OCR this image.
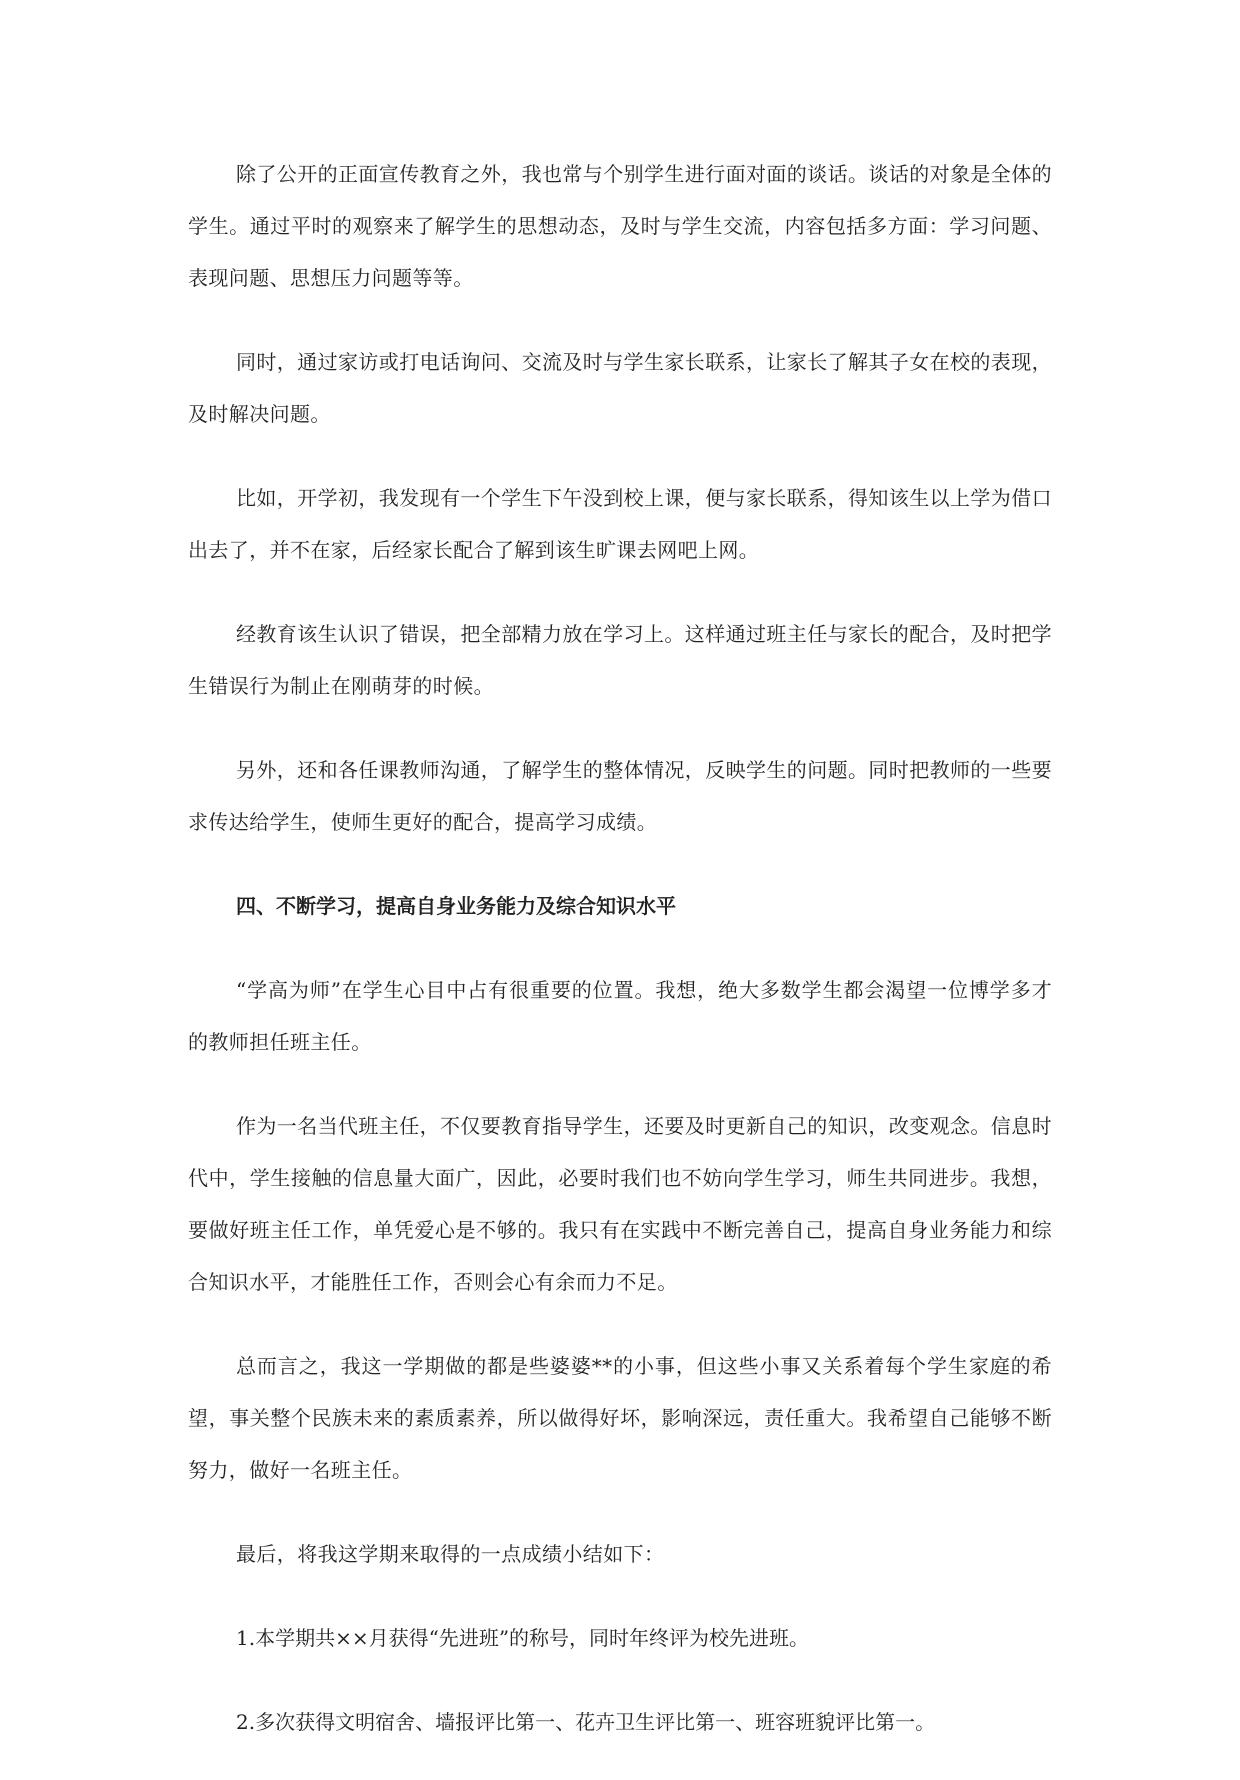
除了公开的正面宣传教育之外，我也常与个别学生进行面对面的谈话。谈话的对象是全体的学生。通过平时的观察来了解学生的思想动态，及时与学生交流，内容包括多方面：学习问题、表现问题、思想压力问题等等。

同时，通过家访或打电话询问、交流及时与学生家长联系，让家长了解其子女在校的表现，及时解决问题。

比如，开学初，我发现有一个学生下午没到校上课，便与家长联系，得知该生以上学为借口出去了，并不在家，后经家长配合了解到该生旷课去网吧上网。

经教育该生认识了错误，把全部精力放在学习上。这样通过班主任与家长的配合，及时把学生错误行为制止在刚萌芽的时候。

另外，还和各任课教师沟通，了解学生的整体情况，反映学生的问题。同时把教师的一些要求传达给学生，使师生更好的配合，提高学习成绩。

四、不断学习，提高自身业务能力及综合知识水平

“学高为师”在学生心目中占有很重要的位置。我想，绝大多数学生都会渴望一位博学多才的教师担任班主任。

作为一名当代班主任，不仅要教育指导学生，还要及时更新自己的知识，改变观念。信息时代中，学生接触的信息量大面广，因此，必要时我们也不妨向学生学习，师生共同进步。我想，要做好班主任工作，单凭爱心是不够的。我只有在实践中不断完善自己，提高自身业务能力和综合知识水平，才能胜任工作，否则会心有余而力不足。

总而言之，我这一学期做的都是些婆婆**的小事，但这些小事又关系着每个学生家庭的希望，事关整个民族未来的素质素养，所以做得好坏，影响深远，责任重大。我希望自己能够不断努力，做好一名班主任。

最后，将我这学期来取得的一点成绩小结如下：

1.本学期共××月获得“先进班”的称号，同时年终评为校先进班。

2.多次获得文明宿舍、墙报评比第一、花卉卫生评比第一、班容班貌评比第一。
